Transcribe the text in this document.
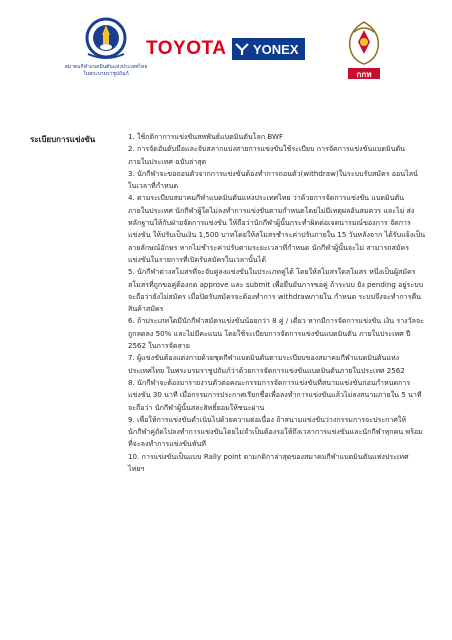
สมาคมกีฬาแบดมินตันแห่งประเทศไทย
ในพระบรมราชูปถัมภ์
TOYOTA YONEX
กกท
ระเบียบการแข่งขัน	1. ใช้กติกาการแข่งขันสหพันธ์แบดมินตันโลก BWF
2. การจัดอันดับมือและจับสลากแบ่งสายการแข่งขันใช้ระเบียบ การจัดการแข่งขันแบดมินตัน ภายในประเทศ ฉบับล่าสุด
3. นักกีฬาจะขอถอนตัวจากการแข่งขันต้องทำการถอนตัว(withdraw)ในระบบรับสมัคร ออนไลน์ในเวลาที่กำหนด
4. ตามระเบียบสมาคมกีฬาแบดมินตันแห่งประเทศไทย ว่าด้วยการจัดการแข่งขัน แบดมินตัน ภายในประเทศ นักกีฬาผู้ใดไม่ลงทำการแข่งขันตามกำหนดโดยไม่มีเหตุผลอันสมควร และไม่ ส่งหลักฐานให้กับฝ่ายจัดการแข่งขัน ให้ถือว่านักกีฬาผู้นั้นกระทำผิดต่อเจตนารมณ์ของการ จัดการแข่งขัน ให้ปรับเป็นเงิน 1,500 บาทโดยให้สโมสรชำระค่าปรับภายใน 15 วันหลังจาก ได้รับแจ้งเป็นลายลักษณ์อักษร หากไม่ชำระค่าปรับตามระยะเวลาที่กำหนด นักกีฬาผู้นั้นจะไม่ สามารถสมัครแข่งขันในรายการที่เปิดรับสมัครในเวลานั้นได้
5. นักกีฬาต่างสโมสรที่จะจับคู่ลงแข่งขันในประเภทคู่ได้ โดยให้สโมสรใดสโมสร หนึ่งเป็นผู้สมัคร สโมสรที่ถูกขอคู่ต้องกด approve และ submit เพื่อยืนยันการขอคู่ ถ้าระบบ ยัง pending อยู่ระบบจะถือว่ายังไม่สมัคร เมื่อปิดรับสมัครจะต้องทำการ withdrawภายใน กำหนด ระบบจึงจะทำการคืนสินค้าสมัคร
6. ถ้าประเภทใดมีนักกีฬาสมัครแข่งขันน้อยกว่า 8 คู่ / เดี่ยว หากมีการจัดการแข่งขัน เงิน รางวัลจะถูกลดลง 50% และไม่มีคะแนน โดยใช้ระเบียบการจัดการแข่งขันแบดมินตัน ภายในประเทศ ปี 2562 ในการจัดสาย
7. ผู้แข่งขันต้องแต่งกายด้วยชุดกีฬาแบดมินตันตามระเบียบของสมาคมกีฬาแบดมินตันแห่ง ประเทศไทย ในพระบรมราชูปถัมภ์ว่าด้วยการจัดการแข่งขันแบดมินตันภายในประเทศ 2562
8. นักกีฬาจะต้องมารายงานตัวต่อคณะกรรมการจัดการแข่งขันที่สนามแข่งขันก่อนกำหนดการ แข่งขัน 30 นาที เมื่อกรรมการประกาศเรียกชื่อเพื่อลงทำการแข่งขันแล้วไม่ลงสนามภายใน 5 นาทีจะถือว่า นักกีฬาผู้นั้นสละสิทธิ์ยอมให้ชนะผ่าน
9. เพื่อให้การแข่งขันดำเนินไปด้วยความต่อเนื่อง ถ้าสนามแข่งขันว่างกรรมการจะประกาศให้ นักกีฬาคู่ถัดไปลงทำการแข่งขันโดยไม่จำเป็นต้องรอให้ถึงเวลาการแข่งขันและนักกีฬาทุกคน พร้อมที่จะลงทำการแข่งขันทันที
10. การแข่งขันเป็นแบบ Rally point ตามกติกาล่าสุดของสมาคมกีฬาแบดมินตันแห่งประเทศ ไทยฯ
